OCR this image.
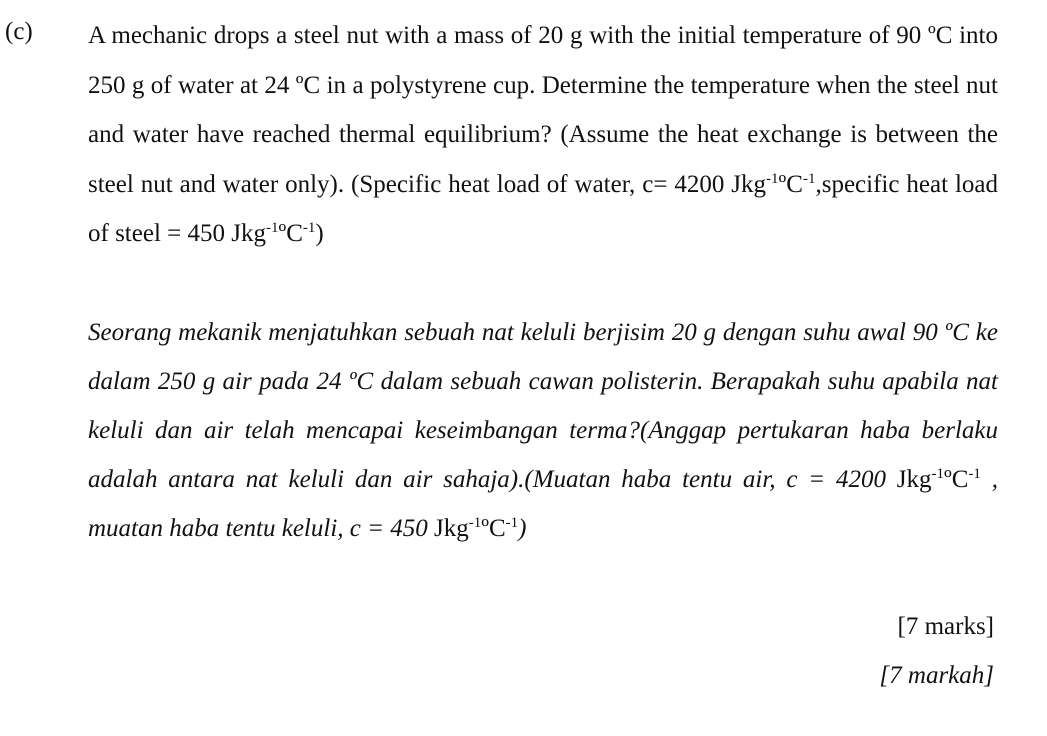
(c) A mechanic drops a steel nut with a mass of 20 g with the initial temperature of 90 ºC into 250 g of water at 24 ºC in a polystyrene cup. Determine the temperature when the steel nut and water have reached thermal equilibrium? (Assume the heat exchange is between the steel nut and water only). (Specific heat load of water, c= 4200 Jkg$^{-1}$ºC$^{-1}$,specific heat load of steel = 450 Jkg$^{-1}$ºC$^{-1}$)
Seorang mekanik menjatuhkan sebuah nat keluli berjisim 20 g dengan suhu awal 90 ºC ke dalam 250 g air pada 24 ºC dalam sebuah cawan polisterin. Berapakah suhu apabila nat keluli dan air telah mencapai keseimbangan terma?(Anggap pertukaran haba berlaku adalah antara nat keluli dan air sahaja).(Muatan haba tentu air, c = 4200 Jkg$^{-1}$ºC$^{-1}$ , muatan haba tentu keluli, c = 450 Jkg$^{-1}$ºC$^{-1}$)
[7 marks]
[7 markah]
